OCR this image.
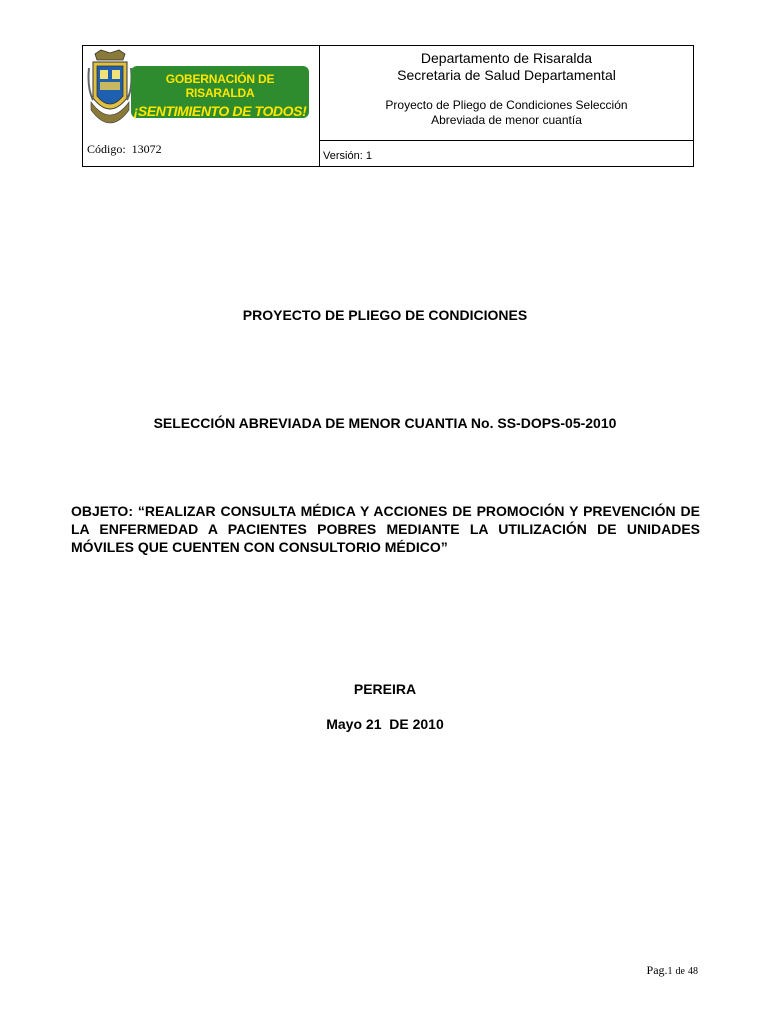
GOBERNACIÓN DE RISARALDA
¡SENTIMIENTO DE TODOS!
Departamento de Risaralda
Secretaria de Salud Departamental
Proyecto de Pliego de Condiciones Selección
Abreviada de menor cuantía
Código: 13072	Versión: 1
PROYECTO DE PLIEGO DE CONDICIONES
SELECCIÓN ABREVIADA DE MENOR CUANTIA No. SS-DOPS-05-2010
OBJETO: “REALIZAR CONSULTA MÉDICA Y ACCIONES DE PROMOCIÓN Y PREVENCIÓN DE LA ENFERMEDAD A PACIENTES POBRES MEDIANTE LA UTILIZACIÓN DE UNIDADES MÓVILES QUE CUENTEN CON CONSULTORIO MÉDICO”
PEREIRA
Mayo 21  DE 2010
Pag.1 de 48
